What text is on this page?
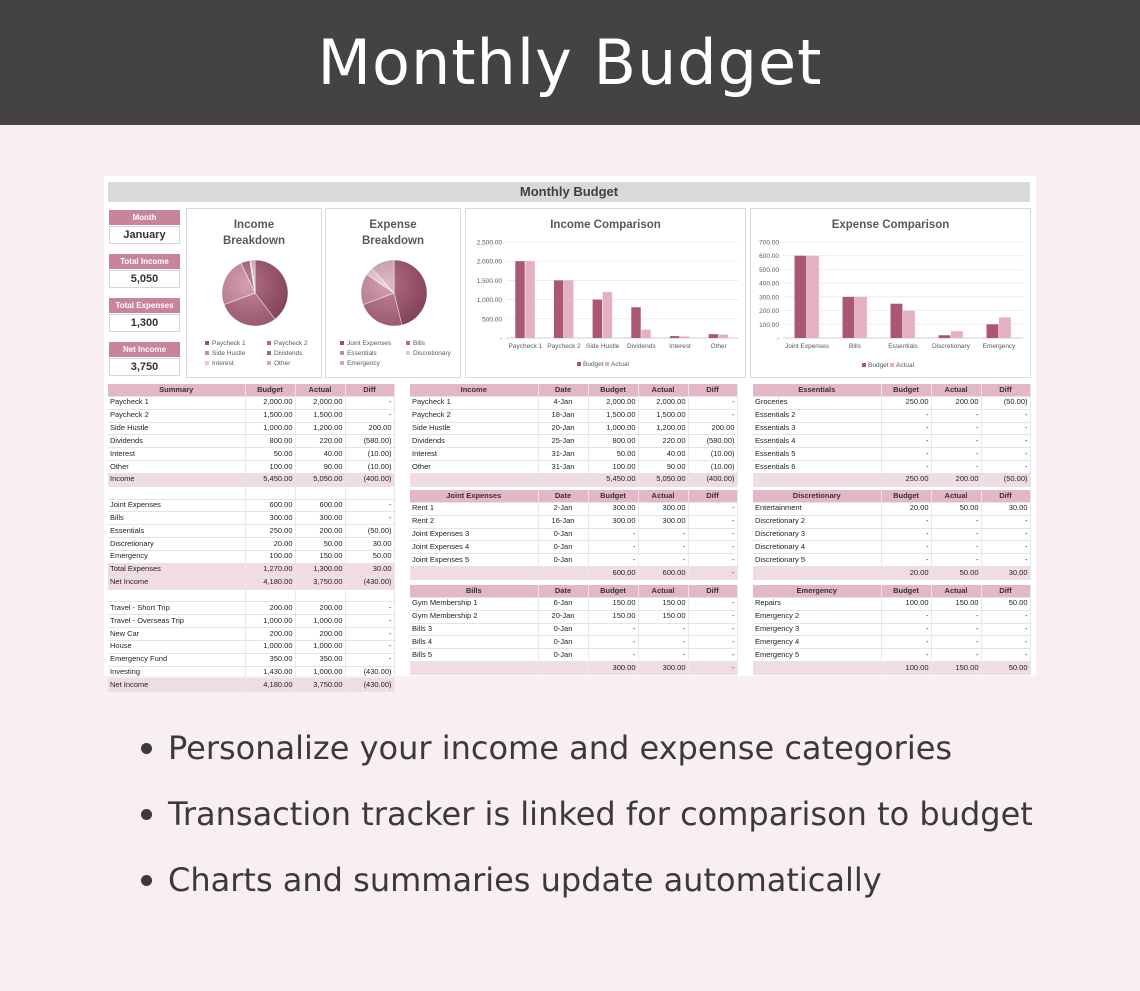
Monthly Budget
Monthly Budget
Month
January
Total Income
5,050
Total Expenses
1,300
Net Income
3,750
Income
Breakdown
Paycheck 1	Paycheck 2
Side Hustle	Dividends
Interest	Other
Expense
Breakdown
Joint Expenses	Bills
Essentials	Discretionary
Emergency
Income Comparison
-
500.00
1,000.00
1,500.00
2,000.00
2,500.00
Paycheck 1 Paycheck 2 Side Hustle Dividends Interest	Other
Budget Actual
Expense Comparison
-
100.00
200.00
300.00
400.00
500.00
600.00
700.00
Joint Expenses	Bills	Essentials Discretionary Emergency
Budget Actual
Summary	Budget	Actual	Diff
Paycheck 1	2,000.00	2,000.00	-
Paycheck 2	1,500.00	1,500.00	-
Side Hustle	1,000.00	1,200.00	200.00
Dividends	800.00	220.00	(580.00)
Interest	50.00	40.00	(10.00)
Other	100.00	90.00	(10.00)
Income	5,450.00	5,050.00	(400.00)

Joint Expenses	600.00	600.00	-
Bills	300.00	300.00	-
Essentials	250.00	200.00	(50.00)
Discretionary	20.00	50.00	30.00
Emergency	100.00	150.00	50.00
Total Expenses	1,270.00	1,300.00	30.00
Net Income	4,180.00	3,750.00	(430.00)

Travel - Short Trip	200.00	200.00	-
Travel - Overseas Trip	1,000.00	1,000.00	-
New Car	200.00	200.00	-
House	1,000.00	1,000.00	-
Emergency Fund	350.00	350.00	-
Investing	1,430.00	1,000.00	(430.00)
Net Income	4,180.00	3,750.00	(430.00)
Income	Date	Budget	Actual	Diff
Paycheck 1	4-Jan	2,000.00	2,000.00	-
Paycheck 2	18-Jan	1,500.00	1,500.00	-
Side Hustle	20-Jan	1,000.00	1,200.00	200.00
Dividends	25-Jan	800.00	220.00	(580.00)
Interest	31-Jan	50.00	40.00	(10.00)
Other	31-Jan	100.00	90.00	(10.00)
		5,450.00	5,050.00	(400.00)
Joint Expenses	Date	Budget	Actual	Diff
Rent 1	2-Jan	300.00	300.00	-
Rent 2	16-Jan	300.00	300.00	-
Joint Expenses 3	0-Jan	-	-	-
Joint Expenses 4	0-Jan	-	-	-
Joint Expenses 5	0-Jan	-	-	-
		600.00	600.00	-
Bills	Date	Budget	Actual	Diff
Gym Membership 1	6-Jan	150.00	150.00	-
Gym Membership 2	20-Jan	150.00	150.00	-
Bills 3	0-Jan	-	-	-
Bills 4	0-Jan	-	-	-
Bills 5	0-Jan	-	-	-
		300.00	300.00	-
Essentials	Budget	Actual	Diff
Groceries	250.00	200.00	(50.00)
Essentials 2	-	-	-
Essentials 3	-	-	-
Essentials 4	-	-	-
Essentials 5	-	-	-
Essentials 6	-	-	-
	250.00	200.00	(50.00)
Discretionary	Budget	Actual	Diff
Entertainment	20.00	50.00	30.00
Discretionary 2	-	-	-
Discretionary 3	-	-	-
Discretionary 4	-	-	-
Discretionary 5	-	-	-
	20.00	50.00	30.00
Emergency	Budget	Actual	Diff
Repairs	100.00	150.00	50.00
Emergency 2	-	-	-
Emergency 3	-	-	-
Emergency 4	-	-	-
Emergency 5	-	-	-
	100.00	150.00	50.00
Personalize your income and expense categories
Transaction tracker is linked for comparison to budget
Charts and summaries update automatically
